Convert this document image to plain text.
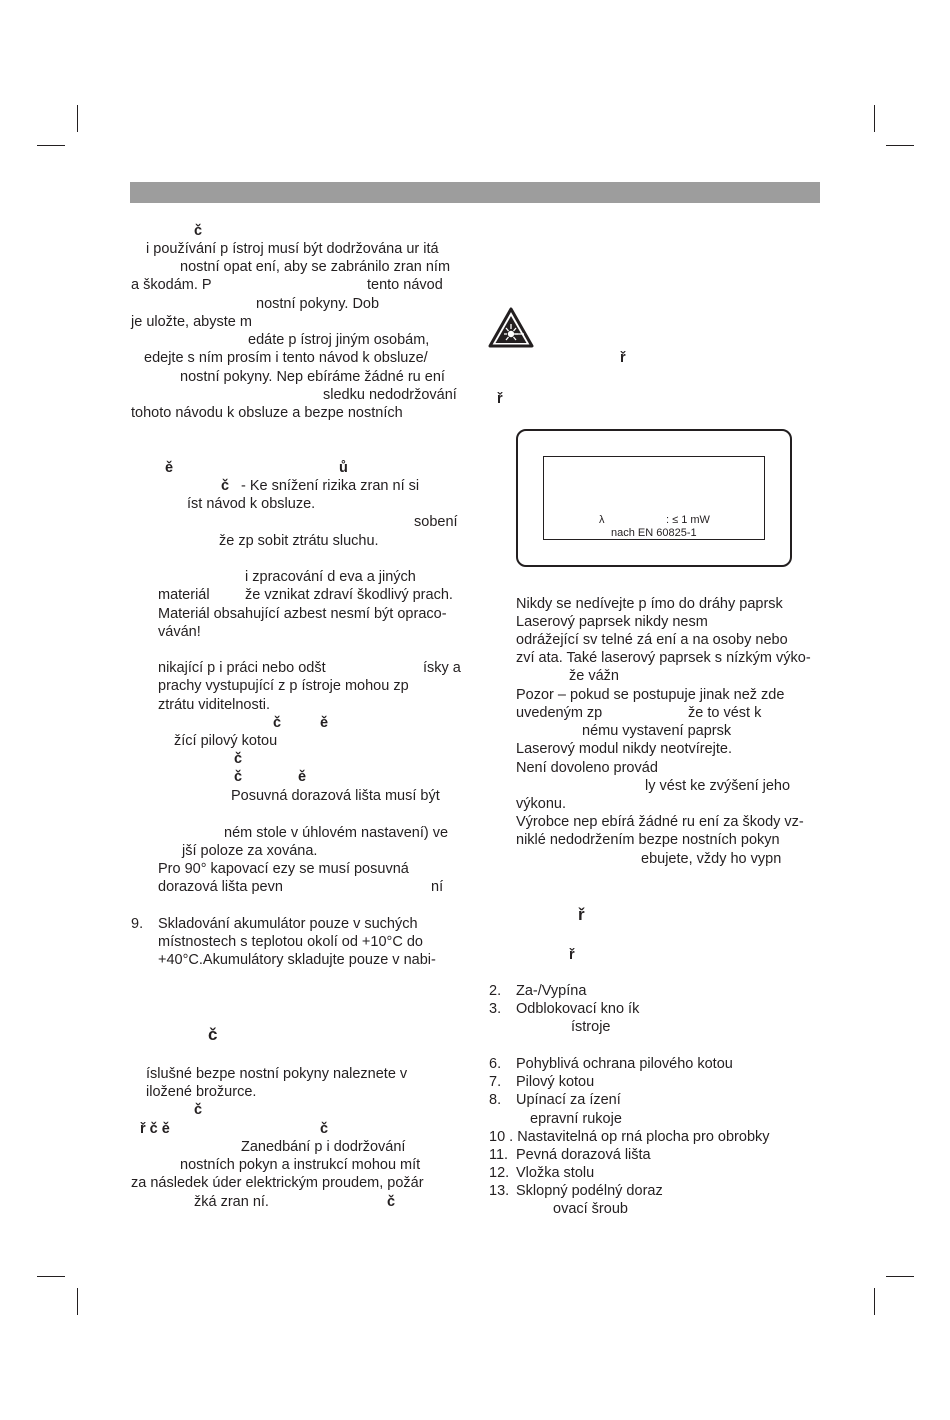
č
i používání p ístroj musí být dodržována ur itá
nostní opat ení, aby se zabránilo zran ním
a škodám. P	tento návod
nostní pokyny. Dob
je uložte, abyste m
edáte p ístroj jiným osobám,
edejte s ním prosím i tento návod k obsluze/
nostní pokyny. Nep ebíráme žádné ru ení
sledku nedodržování
tohoto návodu k obsluze a bezpe nostních
ě	ů
č - Ke snížení rizika zran ní si
íst návod k obsluze.
sobení
že zp sobit ztrátu sluchu.
i zpracování d eva a jiných
materiál že vznikat zdraví škodlivý prach.
Materiál obsahující azbest nesmí být opraco-
váván!
nikající p i práci nebo odšt	ísky a
prachy vystupující z p ístroje mohou zp
ztrátu viditelnosti.
č	ě
žící pilový kotou
č
č	ě
Posuvná dorazová lišta musí být
ném stole v úhlovém nastavení) ve
jší poloze za xována.
Pro 90° kapovací ezy se musí posuvná
dorazová lišta pevn	ní
9. Skladování akumulátor pouze v suchých
místnostech s teplotou okolí od +10°C do
+40°C.Akumulátory skladujte pouze v nabi-
č
íslušné bezpe nostní pokyny naleznete v
iložené brožurce.
č
ř č ě	č
Zanedbání p i dodržování
nostních pokyn a instrukcí mohou mít
za následek úder elektrickým proudem, požár
žká zran ní.	č
ř
ř
Nikdy se nedívejte p ímo do dráhy paprsk
Laserový paprsek nikdy nesm
odrážející sv telné zá ení a na osoby nebo
zví ata. Také laserový paprsek s nízkým výko-
že vážn
Pozor – pokud se postupuje jinak než zde
uvedeným zp	že to vést k
nému vystavení paprsk
Laserový modul nikdy neotvírejte.
Není dovoleno provád
ly vést ke zvýšení jeho
výkonu.
Výrobce nep ebírá žádné ru ení za škody vz-
niklé nedodržením bezpe nostních pokyn
ebujete, vždy ho vypn
ř
ř
2. Za-/Vypína
3. Odblokovací kno ík
ístroje
6. Pohyblivá ochrana pilového kotou
7. Pilový kotou
8. Upínací za ízení
epravní rukoje
10 . Nastavitelná op rná plocha pro obrobky
11. Pevná dorazová lišta
12. Vložka stolu
13. Sklopný podélný doraz
ovací šroub
λ	: ≤ 1 mW
nach EN 60825-1
